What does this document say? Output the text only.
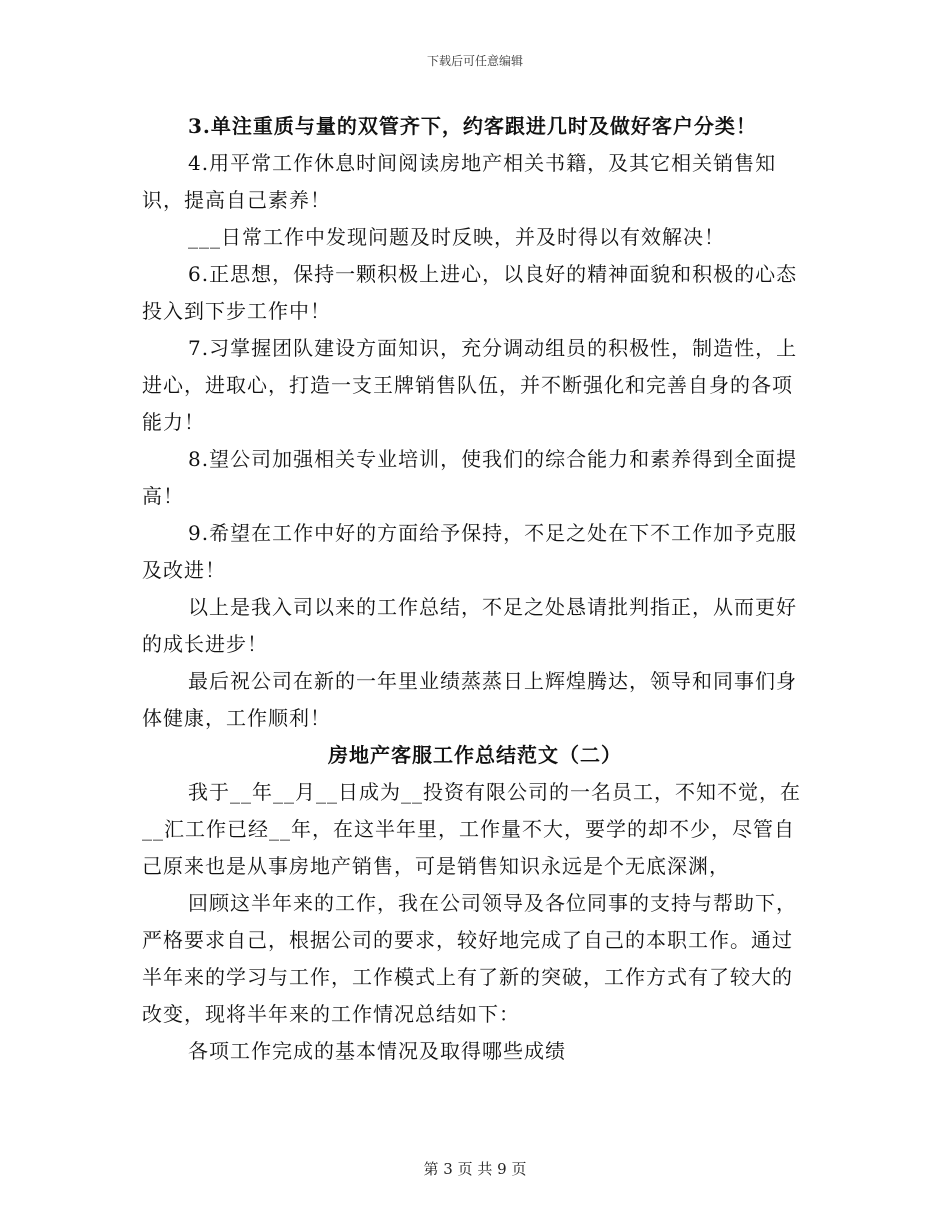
下载后可任意编辑

3.单注重质与量的双管齐下，约客跟进几时及做好客户分类！

4.用平常工作休息时间阅读房地产相关书籍，及其它相关销售知识，提高自己素养！

___日常工作中发现问题及时反映，并及时得以有效解决！

6.正思想，保持一颗积极上进心，以良好的精神面貌和积极的心态投入到下步工作中！

7.习掌握团队建设方面知识，充分调动组员的积极性，制造性，上进心，进取心，打造一支王牌销售队伍，并不断强化和完善自身的各项能力！

8.望公司加强相关专业培训，使我们的综合能力和素养得到全面提高！

9.希望在工作中好的方面给予保持，不足之处在下不工作加予克服及改进！

以上是我入司以来的工作总结，不足之处恳请批判指正，从而更好的成长进步！

最后祝公司在新的一年里业绩蒸蒸日上辉煌腾达，领导和同事们身体健康，工作顺利！

房地产客服工作总结范文（二）

我于__年__月__日成为__投资有限公司的一名员工，不知不觉，在__汇工作已经__年，在这半年里，工作量不大，要学的却不少，尽管自己原来也是从事房地产销售，可是销售知识永远是个无底深渊，

回顾这半年来的工作，我在公司领导及各位同事的支持与帮助下，严格要求自己，根据公司的要求，较好地完成了自己的本职工作。通过半年来的学习与工作，工作模式上有了新的突破，工作方式有了较大的改变，现将半年来的工作情况总结如下：

各项工作完成的基本情况及取得哪些成绩

第 3 页 共 9 页
